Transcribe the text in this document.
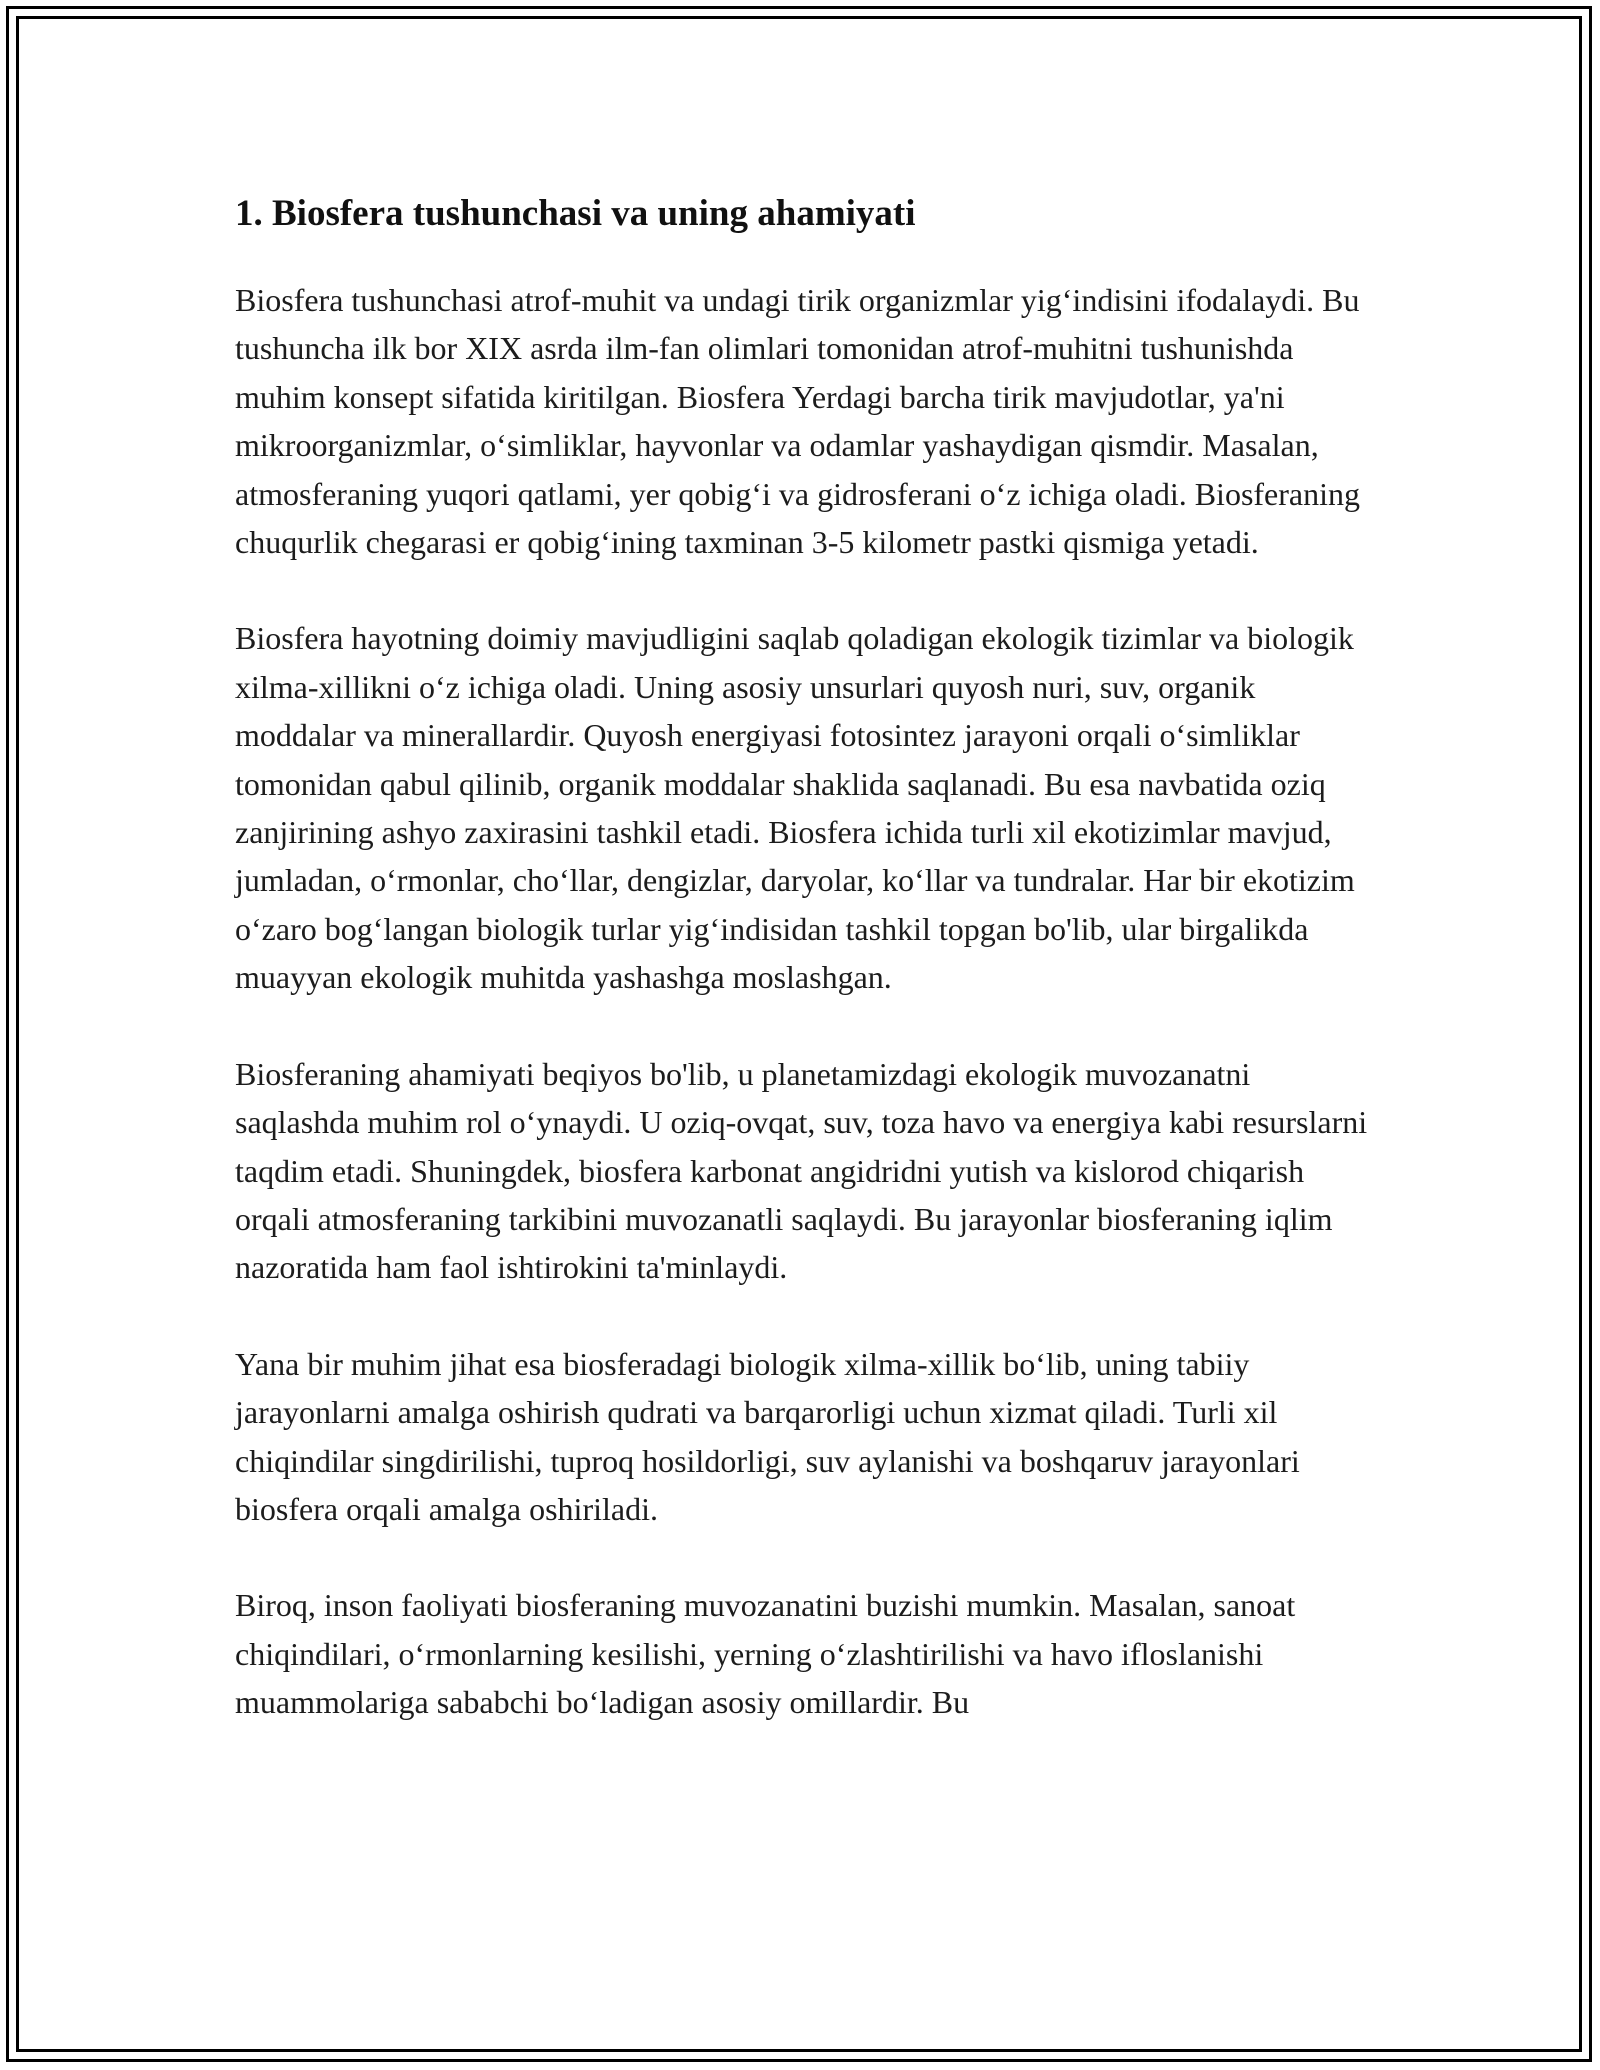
1. Biosfera tushunchasi va uning ahamiyati

Biosfera tushunchasi atrof-muhit va undagi tirik organizmlar yig‘indisini ifodalaydi. Bu tushuncha ilk bor XIX asrda ilm-fan olimlari tomonidan atrof-muhitni tushunishda muhim konsept sifatida kiritilgan. Biosfera Yerdagi barcha tirik mavjudotlar, ya'ni mikroorganizmlar, o‘simliklar, hayvonlar va odamlar yashaydigan qismdir. Masalan, atmosferaning yuqori qatlami, yer qobig‘i va gidrosferani o‘z ichiga oladi. Biosferaning chuqurlik chegarasi er qobig‘ining taxminan 3-5 kilometr pastki qismiga yetadi.

Biosfera hayotning doimiy mavjudligini saqlab qoladigan ekologik tizimlar va biologik xilma-xillikni o‘z ichiga oladi. Uning asosiy unsurlari quyosh nuri, suv, organik moddalar va minerallardir. Quyosh energiyasi fotosintez jarayoni orqali o‘simliklar tomonidan qabul qilinib, organik moddalar shaklida saqlanadi. Bu esa navbatida oziq zanjirining ashyo zaxirasini tashkil etadi. Biosfera ichida turli xil ekotizimlar mavjud, jumladan, o‘rmonlar, cho‘llar, dengizlar, daryolar, ko‘llar va tundralar. Har bir ekotizim o‘zaro bog‘langan biologik turlar yig‘indisidan tashkil topgan bo'lib, ular birgalikda muayyan ekologik muhitda yashashga moslashgan.

Biosferaning ahamiyati beqiyos bo'lib, u planetamizdagi ekologik muvozanatni saqlashda muhim rol o‘ynaydi. U oziq-ovqat, suv, toza havo va energiya kabi resurslarni taqdim etadi. Shuningdek, biosfera karbonat angidridni yutish va kislorod chiqarish orqali atmosferaning tarkibini muvozanatli saqlaydi. Bu jarayonlar biosferaning iqlim nazoratida ham faol ishtirokini ta'minlaydi.

Yana bir muhim jihat esa biosferadagi biologik xilma-xillik bo‘lib, uning tabiiy jarayonlarni amalga oshirish qudrati va barqarorligi uchun xizmat qiladi. Turli xil chiqindilar singdirilishi, tuproq hosildorligi, suv aylanishi va boshqaruv jarayonlari biosfera orqali amalga oshiriladi.

Biroq, inson faoliyati biosferaning muvozanatini buzishi mumkin. Masalan, sanoat chiqindilari, o‘rmonlarning kesilishi, yerning o‘zlashtirilishi va havo ifloslanishi muammolariga sababchi bo‘ladigan asosiy omillardir. Bu
